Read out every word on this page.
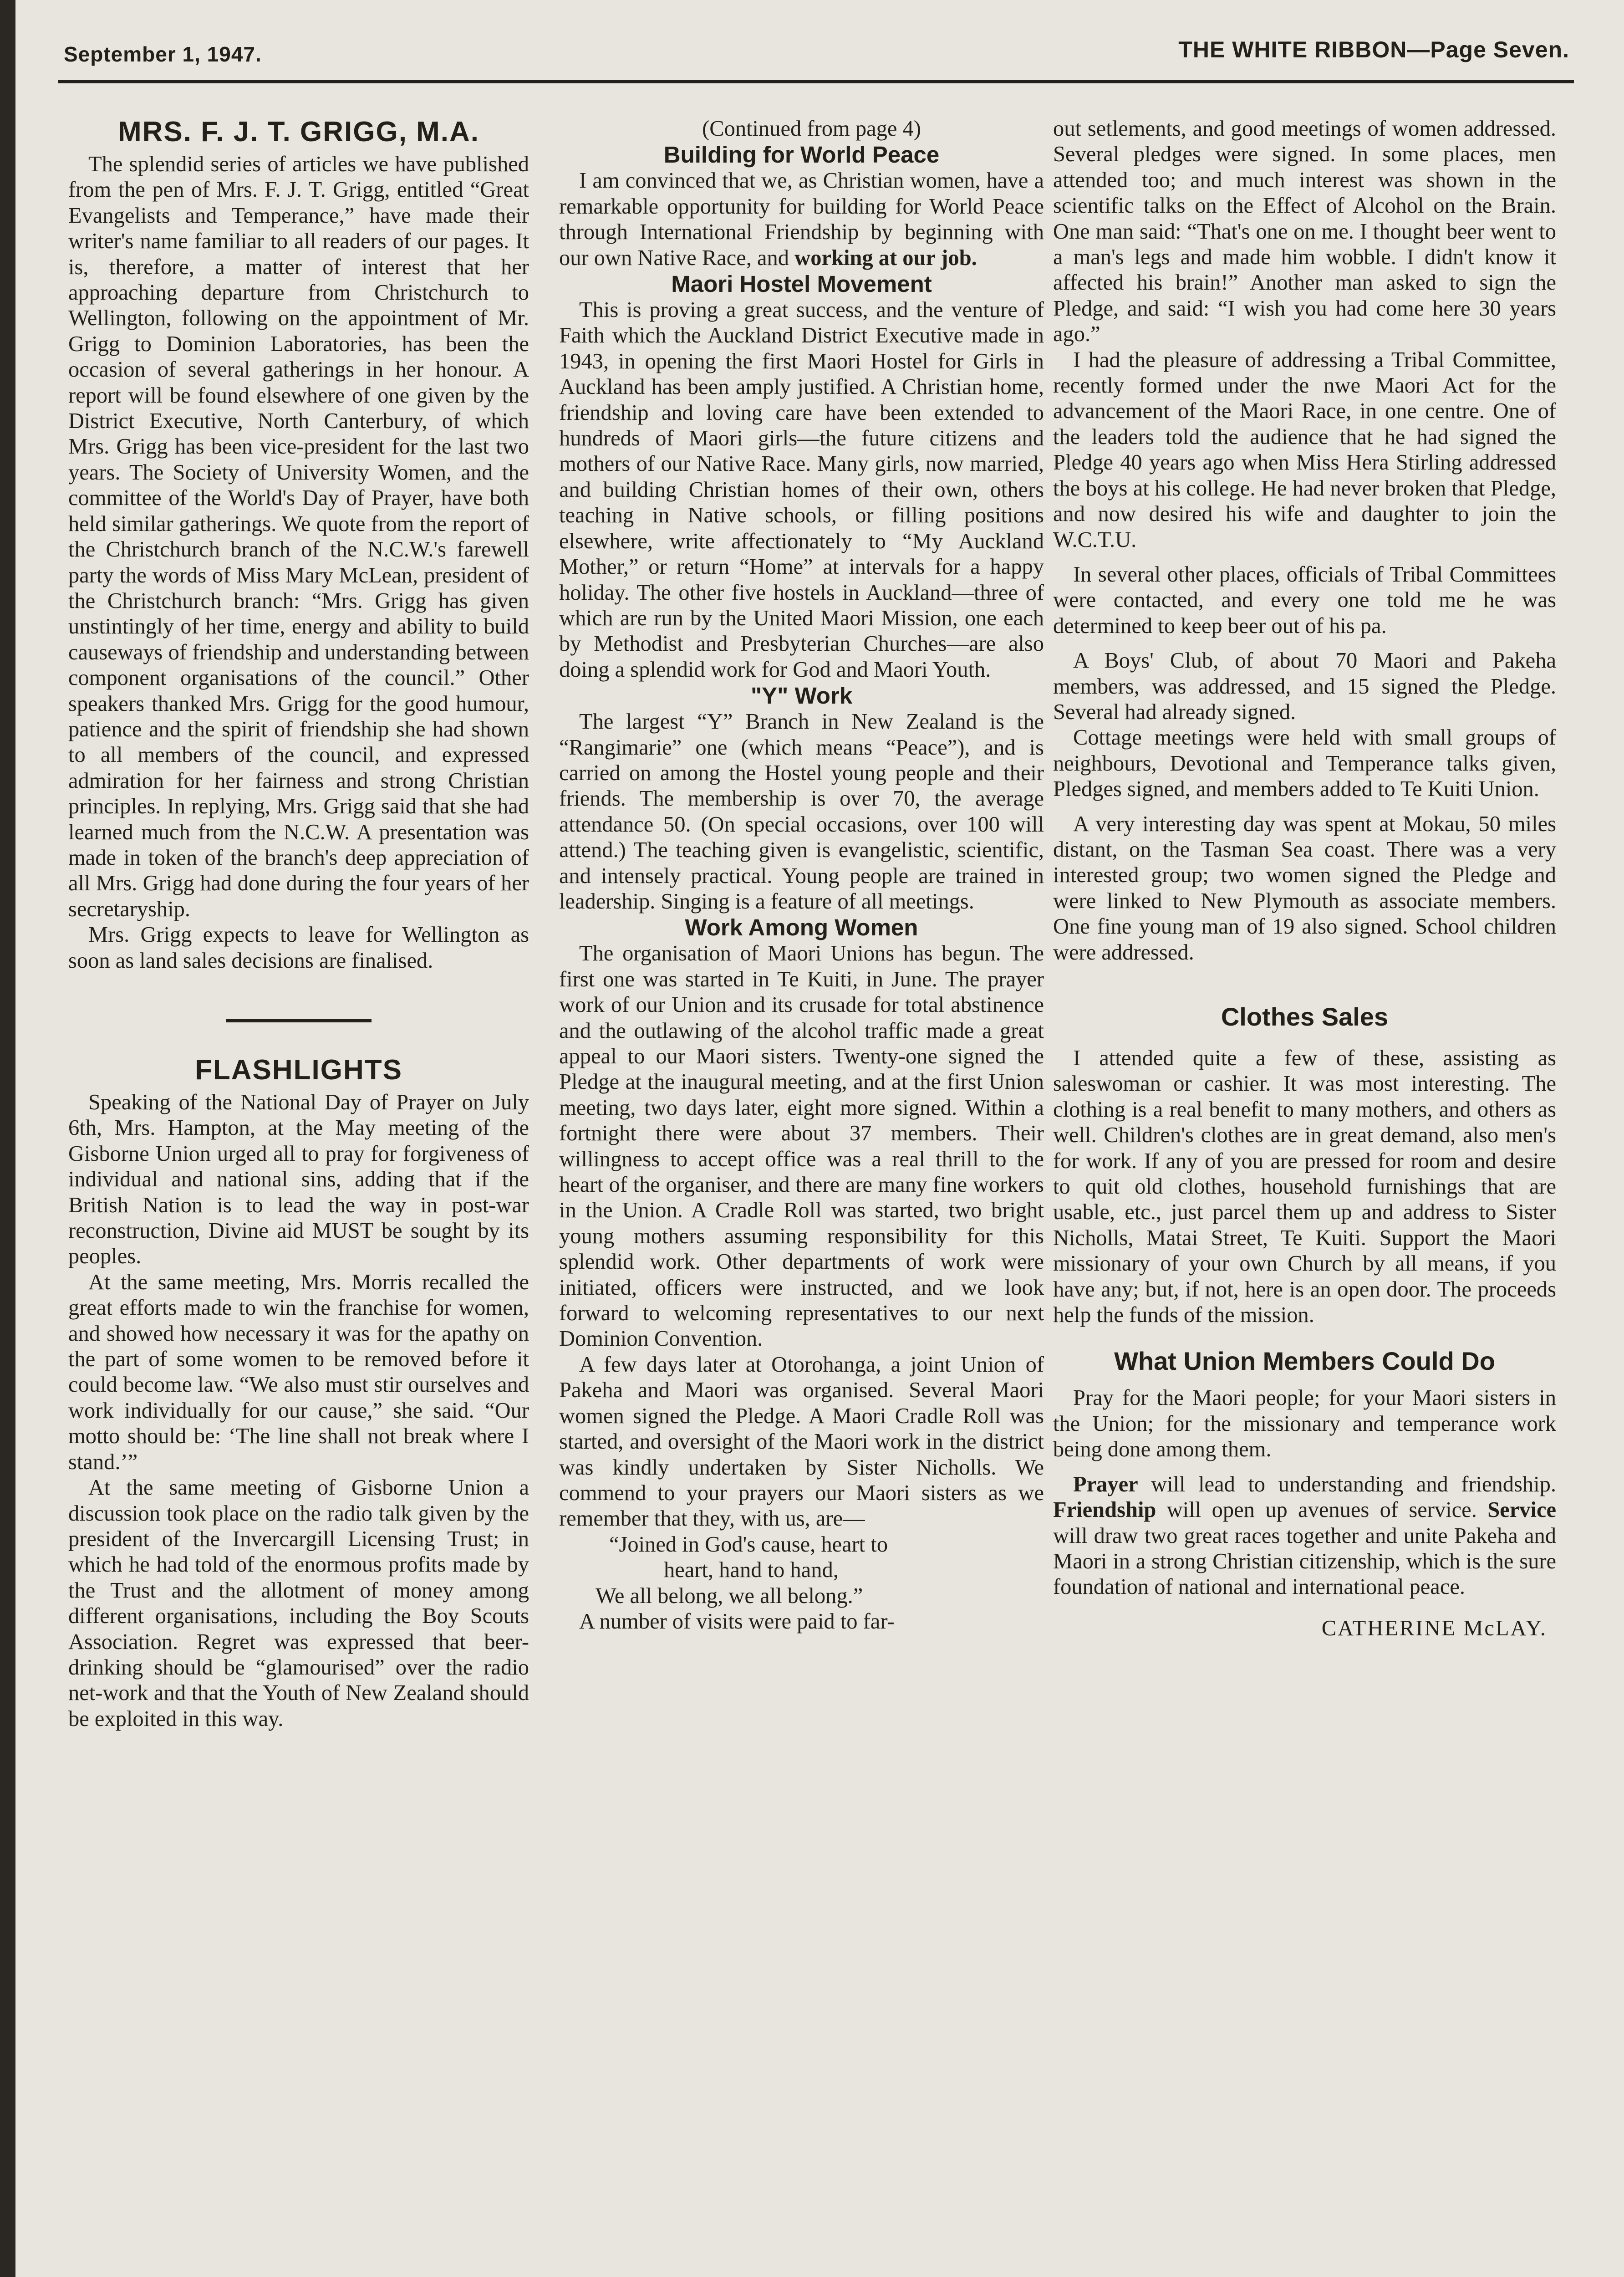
September 1, 1947.	THE WHITE RIBBON—Page Seven.
MRS. F. J. T. GRIGG, M.A.

The splendid series of articles we have published from the pen of Mrs. F. J. T. Grigg, entitled “Great Evangelists and Temperance,” have made their writer's name familiar to all readers of our pages. It is, therefore, a matter of interest that her approaching departure from Christchurch to Wellington, following on the appointment of Mr. Grigg to Dominion Laboratories, has been the occasion of several gatherings in her honour. A report will be found elsewhere of one given by the District Executive, North Canterbury, of which Mrs. Grigg has been vice-president for the last two years. The Society of University Women, and the committee of the World's Day of Prayer, have both held similar gatherings. We quote from the report of the Christchurch branch of the N.C.W.'s farewell party the words of Miss Mary McLean, president of the Christchurch branch: “Mrs. Grigg has given unstintingly of her time, energy and ability to build causeways of friendship and understanding between component organisations of the council.” Other speakers thanked Mrs. Grigg for the good humour, patience and the spirit of friendship she had shown to all members of the council, and expressed admiration for her fairness and strong Christian principles. In replying, Mrs. Grigg said that she had learned much from the N.C.W. A presentation was made in token of the branch's deep appreciation of all Mrs. Grigg had done during the four years of her secretaryship.

Mrs. Grigg expects to leave for Wellington as soon as land sales decisions are finalised.

FLASHLIGHTS

Speaking of the National Day of Prayer on July 6th, Mrs. Hampton, at the May meeting of the Gisborne Union urged all to pray for forgiveness of individual and national sins, adding that if the British Nation is to lead the way in post-war reconstruction, Divine aid MUST be sought by its peoples.

At the same meeting, Mrs. Morris recalled the great efforts made to win the franchise for women, and showed how necessary it was for the apathy on the part of some women to be removed before it could become law. “We also must stir ourselves and work individually for our cause,” she said. “Our motto should be: ‘The line shall not break where I stand.’”

At the same meeting of Gisborne Union a discussion took place on the radio talk given by the president of the Invercargill Licensing Trust; in which he had told of the enormous profits made by the Trust and the allotment of money among different organisations, including the Boy Scouts Association. Regret was expressed that beer-drinking should be “glamourised” over the radio net-work and that the Youth of New Zealand should be exploited in this way.

(Continued from page 4)

Building for World Peace

I am convinced that we, as Christian women, have a remarkable opportunity for building for World Peace through International Friendship by beginning with our own Native Race, and working at our job.

Maori Hostel Movement

This is proving a great success, and the venture of Faith which the Auckland District Executive made in 1943, in opening the first Maori Hostel for Girls in Auckland has been amply justified. A Christian home, friendship and loving care have been extended to hundreds of Maori girls—the future citizens and mothers of our Native Race. Many girls, now married, and building Christian homes of their own, others teaching in Native schools, or filling positions elsewhere, write affectionately to “My Auckland Mother,” or return “Home” at intervals for a happy holiday. The other five hostels in Auckland—three of which are run by the United Maori Mission, one each by Methodist and Presbyterian Churches—are also doing a splendid work for God and Maori Youth.

"Y" Work

The largest “Y” Branch in New Zealand is the “Rangimarie” one (which means “Peace”), and is carried on among the Hostel young people and their friends. The membership is over 70, the average attendance 50. (On special occasions, over 100 will attend.) The teaching given is evangelistic, scientific, and intensely practical. Young people are trained in leadership. Singing is a feature of all meetings.

Work Among Women

The organisation of Maori Unions has begun. The first one was started in Te Kuiti, in June. The prayer work of our Union and its crusade for total abstinence and the outlawing of the alcohol traffic made a great appeal to our Maori sisters. Twenty-one signed the Pledge at the inaugural meeting, and at the first Union meeting, two days later, eight more signed. Within a fortnight there were about 37 members. Their willingness to accept office was a real thrill to the heart of the organiser, and there are many fine workers in the Union. A Cradle Roll was started, two bright young mothers assuming responsibility for this splendid work. Other departments of work were initiated, officers were instructed, and we look forward to welcoming representatives to our next Dominion Convention.

A few days later at Otorohanga, a joint Union of Pakeha and Maori was organised. Several Maori women signed the Pledge. A Maori Cradle Roll was started, and oversight of the Maori work in the district was kindly undertaken by Sister Nicholls. We commend to your prayers our Maori sisters as we remember that they, with us, are—

“Joined in God's cause, heart to

heart, hand to hand,

We all belong, we all belong.”

A number of visits were paid to far-

out setlements, and good meetings of women addressed. Several pledges were signed. In some places, men attended too; and much interest was shown in the scientific talks on the Effect of Alcohol on the Brain. One man said: “That's one on me. I thought beer went to a man's legs and made him wobble. I didn't know it affected his brain!” Another man asked to sign the Pledge, and said: “I wish you had come here 30 years ago.”

I had the pleasure of addressing a Tribal Committee, recently formed under the nwe Maori Act for the advancement of the Maori Race, in one centre. One of the leaders told the audience that he had signed the Pledge 40 years ago when Miss Hera Stirling addressed the boys at his college. He had never broken that Pledge, and now desired his wife and daughter to join the W.C.T.U.

In several other places, officials of Tribal Committees were contacted, and every one told me he was determined to keep beer out of his pa.

A Boys' Club, of about 70 Maori and Pakeha members, was addressed, and 15 signed the Pledge. Several had already signed.

Cottage meetings were held with small groups of neighbours, Devotional and Temperance talks given, Pledges signed, and members added to Te Kuiti Union.

A very interesting day was spent at Mokau, 50 miles distant, on the Tasman Sea coast. There was a very interested group; two women signed the Pledge and were linked to New Plymouth as associate members. One fine young man of 19 also signed. School children were addressed.

Clothes Sales

I attended quite a few of these, assisting as saleswoman or cashier. It was most interesting. The clothing is a real benefit to many mothers, and others as well. Children's clothes are in great demand, also men's for work. If any of you are pressed for room and desire to quit old clothes, household furnishings that are usable, etc., just parcel them up and address to Sister Nicholls, Matai Street, Te Kuiti. Support the Maori missionary of your own Church by all means, if you have any; but, if not, here is an open door. The proceeds help the funds of the mission.

What Union Members Could Do

Pray for the Maori people; for your Maori sisters in the Union; for the missionary and temperance work being done among them.

Prayer will lead to understanding and friendship. Friendship will open up avenues of service. Service will draw two great races together and unite Pakeha and Maori in a strong Christian citizenship, which is the sure foundation of national and international peace.

CATHERINE McLAY.
